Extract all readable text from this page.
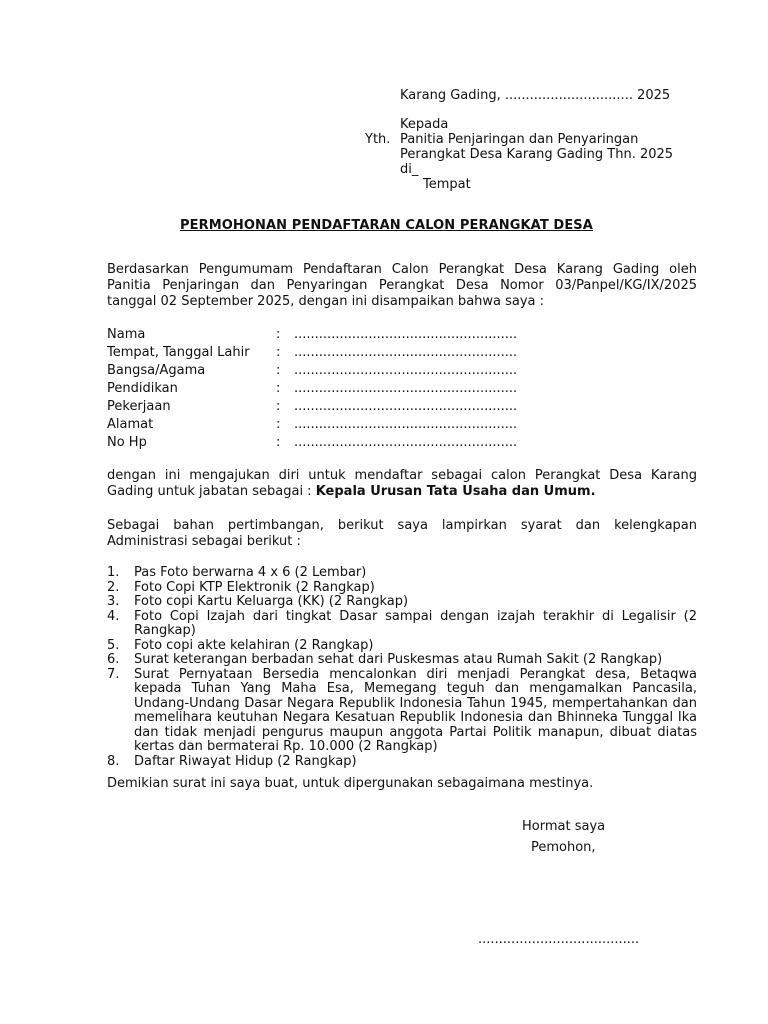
Karang Gading, ............................... 2025
Kepada
Yth. Panitia Penjaringan dan Penyaringan
Perangkat Desa Karang Gading Thn. 2025
di_
Tempat
PERMOHONAN PENDAFTARAN CALON PERANGKAT DESA
Berdasarkan Pengumumam Pendaftaran Calon Perangkat Desa Karang Gading oleh Panitia Penjaringan dan Penyaringan Perangkat Desa Nomor 03/Panpel/KG/IX/2025 tanggal 02 September 2025, dengan ini disampaikan bahwa saya :
Nama	:	......................................................
Tempat, Tanggal Lahir	:	......................................................
Bangsa/Agama	:	......................................................
Pendidikan	:	......................................................
Pekerjaan	:	......................................................
Alamat	:	......................................................
No Hp	:	......................................................
dengan ini mengajukan diri untuk mendaftar sebagai calon Perangkat Desa Karang Gading untuk jabatan sebagai : Kepala Urusan Tata Usaha dan Umum.
Sebagai bahan pertimbangan, berikut saya lampirkan syarat dan kelengkapan Administrasi sebagai berikut :
1.	Pas Foto berwarna 4 x 6 (2 Lembar)
2.	Foto Copi KTP Elektronik (2 Rangkap)
3.	Foto copi Kartu Keluarga (KK) (2 Rangkap)
4.	Foto Copi Izajah dari tingkat Dasar sampai dengan izajah terakhir di Legalisir (2 Rangkap)
5.	Foto copi akte kelahiran (2 Rangkap)
6.	Surat keterangan berbadan sehat dari Puskesmas atau Rumah Sakit (2 Rangkap)
7.	Surat Pernyataan Bersedia mencalonkan diri menjadi Perangkat desa, Betaqwa kepada Tuhan Yang Maha Esa, Memegang teguh dan mengamalkan Pancasila, Undang-Undang Dasar Negara Republik Indonesia Tahun 1945, mempertahankan dan memelihara keutuhan Negara Kesatuan Republik Indonesia dan Bhinneka Tunggal Ika dan tidak menjadi pengurus maupun anggota Partai Politik manapun, dibuat diatas kertas dan bermaterai Rp. 10.000 (2 Rangkap)
8.	Daftar Riwayat Hidup (2 Rangkap)
Demikian surat ini saya buat, untuk dipergunakan sebagaimana mestinya.
Hormat saya
Pemohon,
.......................................
